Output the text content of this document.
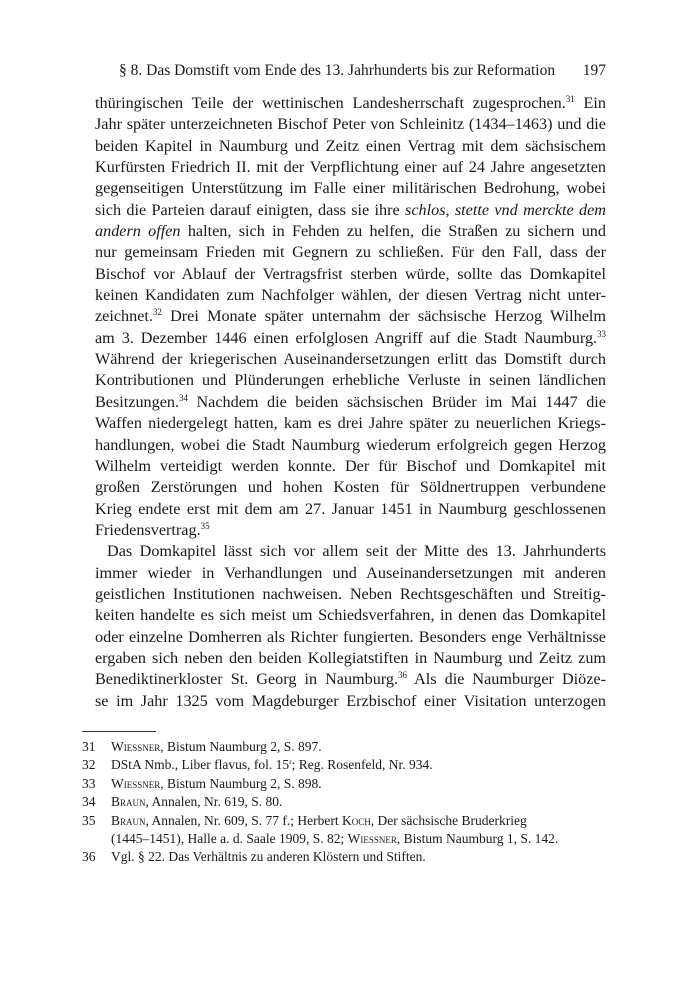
§ 8. Das Domstift vom Ende des 13. Jahrhunderts bis zur Reformation 197
thüringischen Teile der wettinischen Landesherrschaft zugesprochen.$^{31}$ Ein
Jahr später unterzeichneten Bischof Peter von Schleinitz (1434–1463) und die
beiden Kapitel in Naumburg und Zeitz einen Vertrag mit dem sächsischem
Kurfürsten Friedrich II. mit der Verpflichtung einer auf 24 Jahre angesetzten
gegenseitigen Unterstützung im Falle einer militärischen Bedrohung, wobei
sich die Parteien darauf einigten, dass sie ihre schlos, stette vnd merckte dem
andern offen halten, sich in Fehden zu helfen, die Straßen zu sichern und
nur gemeinsam Frieden mit Gegnern zu schließen. Für den Fall, dass der
Bischof vor Ablauf der Vertragsfrist sterben würde, sollte das Domkapitel
keinen Kandidaten zum Nachfolger wählen, der diesen Vertrag nicht unter-
zeichnet.$^{32}$ Drei Monate später unternahm der sächsische Herzog Wilhelm
am 3. Dezember 1446 einen erfolglosen Angriff auf die Stadt Naumburg.$^{33}$
Während der kriegerischen Auseinandersetzungen erlitt das Domstift durch
Kontributionen und Plünderungen erhebliche Verluste in seinen ländlichen
Besitzungen.$^{34}$ Nachdem die beiden sächsischen Brüder im Mai 1447 die
Waffen niedergelegt hatten, kam es drei Jahre später zu neuerlichen Kriegs-
handlungen, wobei die Stadt Naumburg wiederum erfolgreich gegen Herzog
Wilhelm verteidigt werden konnte. Der für Bischof und Domkapitel mit
großen Zerstörungen und hohen Kosten für Söldnertruppen verbundene
Krieg endete erst mit dem am 27. Januar 1451 in Naumburg geschlossenen
Friedensvertrag.$^{35}$
Das Domkapitel lässt sich vor allem seit der Mitte des 13. Jahrhunderts
immer wieder in Verhandlungen und Auseinandersetzungen mit anderen
geistlichen Institutionen nachweisen. Neben Rechtsgeschäften und Streitig-
keiten handelte es sich meist um Schiedsverfahren, in denen das Domkapitel
oder einzelne Domherren als Richter fungierten. Besonders enge Verhältnisse
ergaben sich neben den beiden Kollegiatstiften in Naumburg und Zeitz zum
Benediktinerkloster St. Georg in Naumburg.$^{36}$ Als die Naumburger Diöze-
se im Jahr 1325 vom Magdeburger Erzbischof einer Visitation unterzogen
31	Wießner, Bistum Naumburg 2, S. 897.
32	DStA Nmb., Liber flavus, fol. 15$^r$; Reg. Rosenfeld, Nr. 934.
33	Wießner, Bistum Naumburg 2, S. 898.
34	Braun, Annalen, Nr. 619, S. 80.
35	Braun, Annalen, Nr. 609, S. 77 f.; Herbert Koch, Der sächsische Bruderkrieg
(1445–1451), Halle a. d. Saale 1909, S. 82; Wießner, Bistum Naumburg 1, S. 142.
36	Vgl. § 22. Das Verhältnis zu anderen Klöstern und Stiften.
